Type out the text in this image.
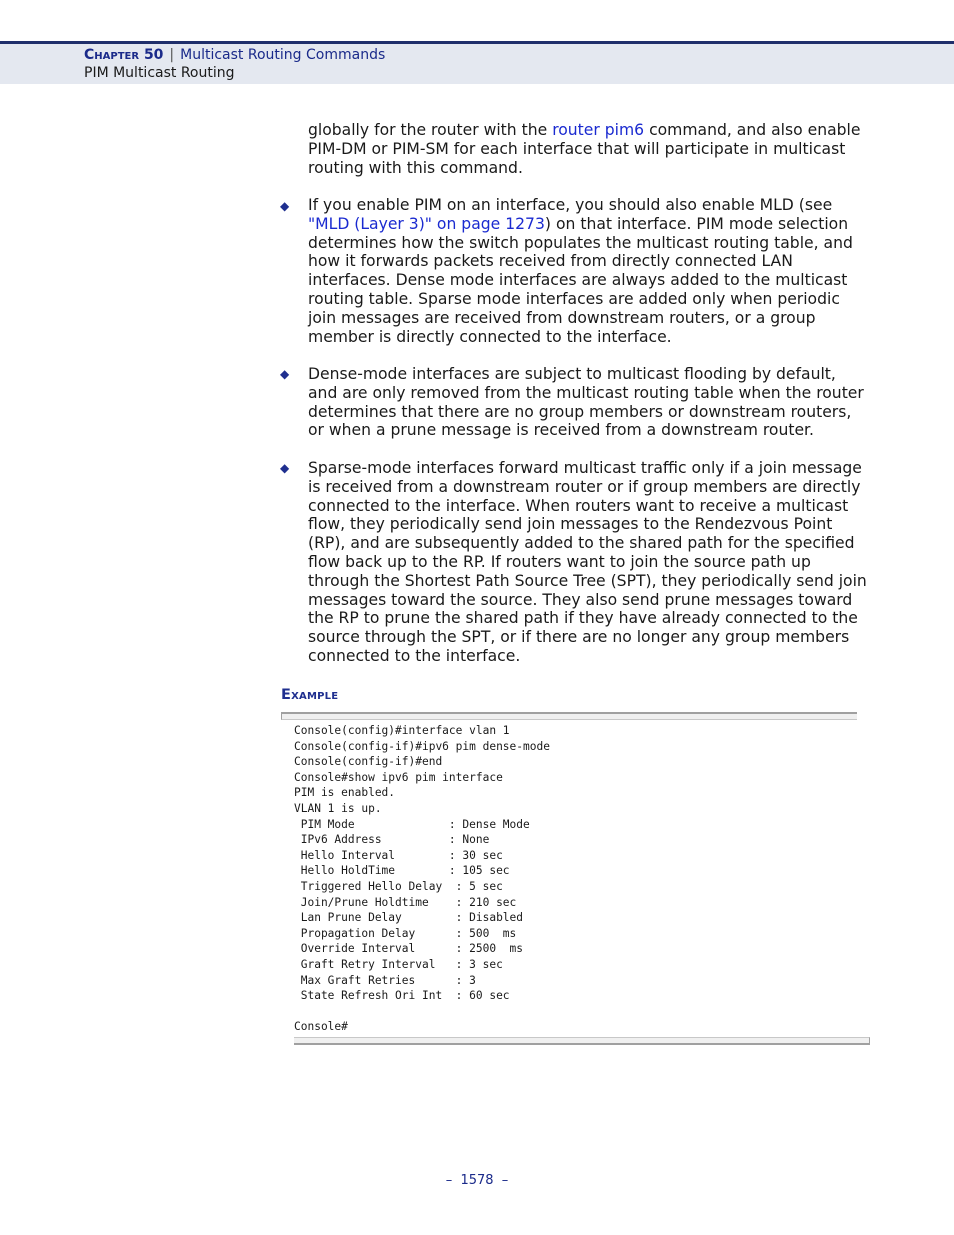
Chapter 50 | Multicast Routing Commands
PIM Multicast Routing

globally for the router with the router pim6 command, and also enable PIM-DM or PIM-SM for each interface that will participate in multicast routing with this command.

◆ If you enable PIM on an interface, you should also enable MLD (see "MLD (Layer 3)" on page 1273) on that interface. PIM mode selection determines how the switch populates the multicast routing table, and how it forwards packets received from directly connected LAN interfaces. Dense mode interfaces are always added to the multicast routing table. Sparse mode interfaces are added only when periodic join messages are received from downstream routers, or a group member is directly connected to the interface.

◆ Dense-mode interfaces are subject to multicast flooding by default, and are only removed from the multicast routing table when the router determines that there are no group members or downstream routers, or when a prune message is received from a downstream router.

◆ Sparse-mode interfaces forward multicast traffic only if a join message is received from a downstream router or if group members are directly connected to the interface. When routers want to receive a multicast flow, they periodically send join messages to the Rendezvous Point (RP), and are subsequently added to the shared path for the specified flow back up to the RP. If routers want to join the source path up through the Shortest Path Source Tree (SPT), they periodically send join messages toward the source. They also send prune messages toward the RP to prune the shared path if they have already connected to the source through the SPT, or if there are no longer any group members connected to the interface.

Example
Console(config)#interface vlan 1
Console(config-if)#ipv6 pim dense-mode
Console(config-if)#end
Console#show ipv6 pim interface
PIM is enabled.
VLAN 1 is up.
PIM Mode              : Dense Mode
IPv6 Address          : None
Hello Interval        : 30 sec
Hello HoldTime        : 105 sec
Triggered Hello Delay  : 5 sec
Join/Prune Holdtime    : 210 sec
Lan Prune Delay        : Disabled
Propagation Delay      : 500  ms
Override Interval      : 2500  ms
Graft Retry Interval   : 3 sec
Max Graft Retries      : 3
State Refresh Ori Int  : 60 sec
Console#
–  1578  –
